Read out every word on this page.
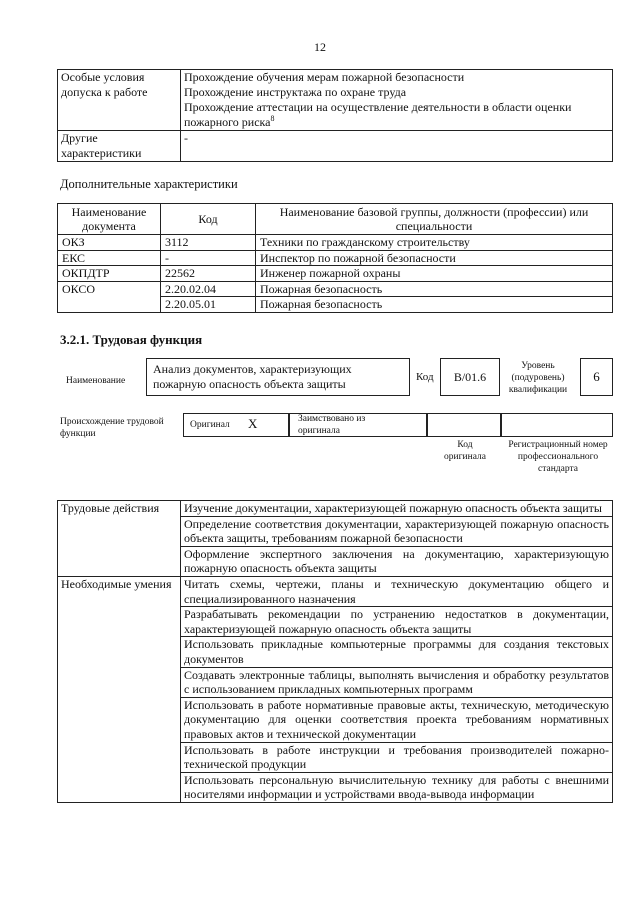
12
Особые условия допуска к работе	Прохождение обучения мерам пожарной безопасности
Прохождение инструктажа по охране труда
Прохождение аттестации на осуществление деятельности в области оценки пожарного риска$^8$

Другие характеристики	-
Дополнительные характеристики
Наименование документа	Код	Наименование базовой группы, должности (профессии) или специальности
ОКЗ	3112	Техники по гражданскому строительству
ЕКС	-	Инспектор по пожарной безопасности
ОКПДТР	22562	Инженер пожарной охраны
ОКСО	2.20.02.04	Пожарная безопасность
	2.20.05.01	Пожарная безопасность
3.2.1. Трудовая функция
Наименование
Анализ документов, характеризующих пожарную опасность объекта защиты	Код	В/01.6
Уровень (подуровень) квалификации
6
Происхождение трудовой функции
Оригинал X	Заимствовано из оригинала
Код оригинала
Регистрационный номер профессионального стандарта
Трудовые действия	Изучение документации, характеризующей пожарную опасность объекта защиты
	Определение соответствия документации, характеризующей пожарную опасность объекта защиты, требованиям пожарной безопасности
	Оформление экспертного заключения на документацию, характеризующую пожарную опасность объекта защиты
Необходимые умения	Читать схемы, чертежи, планы и техническую документацию общего и специализированного назначения
	Разрабатывать рекомендации по устранению недостатков в документации, характеризующей пожарную опасность объекта защиты
	Использовать прикладные компьютерные программы для создания текстовых документов
	Создавать электронные таблицы, выполнять вычисления и обработку результатов с использованием прикладных компьютерных программ
	Использовать в работе нормативные правовые акты, техническую, методическую документацию для оценки соответствия проекта требованиям нормативных правовых актов и технической документации
	Использовать в работе инструкции и требования производителей пожарно-технической продукции
	Использовать персональную вычислительную технику для работы с внешними носителями информации и устройствами ввода-вывода информации
